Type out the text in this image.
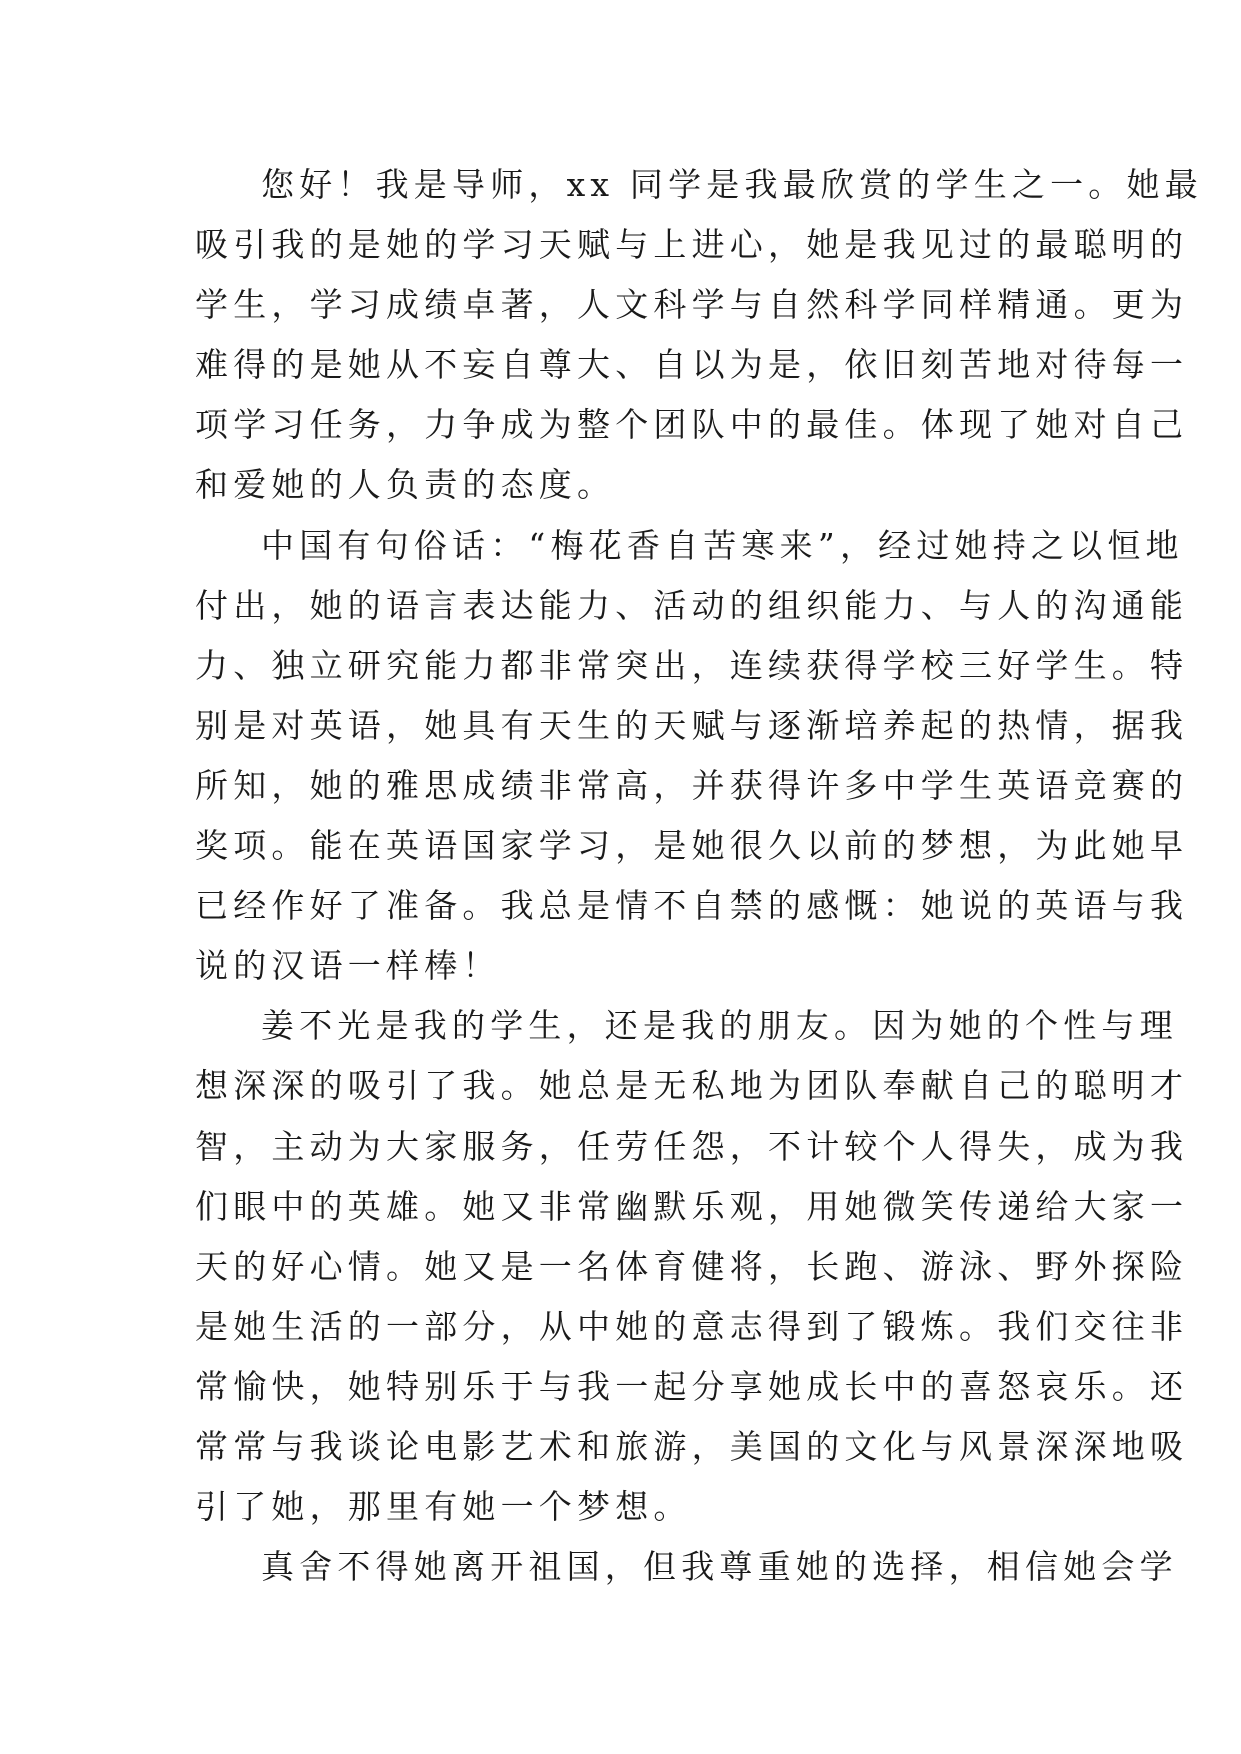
您好！我是导师，xx 同学是我最欣赏的学生之一。她最
吸引我的是她的学习天赋与上进心，她是我见过的最聪明的
学生，学习成绩卓著，人文科学与自然科学同样精通。更为
难得的是她从不妄自尊大、自以为是，依旧刻苦地对待每一
项学习任务，力争成为整个团队中的最佳。体现了她对自己
和爱她的人负责的态度。
中国有句俗话：“梅花香自苦寒来”，经过她持之以恒地
付出，她的语言表达能力、活动的组织能力、与人的沟通能
力、独立研究能力都非常突出，连续获得学校三好学生。特
别是对英语，她具有天生的天赋与逐渐培养起的热情，据我
所知，她的雅思成绩非常高，并获得许多中学生英语竞赛的
奖项。能在英语国家学习，是她很久以前的梦想，为此她早
已经作好了准备。我总是情不自禁的感慨：她说的英语与我
说的汉语一样棒！
姜不光是我的学生，还是我的朋友。因为她的个性与理
想深深的吸引了我。她总是无私地为团队奉献自己的聪明才
智，主动为大家服务，任劳任怨，不计较个人得失，成为我
们眼中的英雄。她又非常幽默乐观，用她微笑传递给大家一
天的好心情。她又是一名体育健将，长跑、游泳、野外探险
是她生活的一部分，从中她的意志得到了锻炼。我们交往非
常愉快，她特别乐于与我一起分享她成长中的喜怒哀乐。还
常常与我谈论电影艺术和旅游，美国的文化与风景深深地吸
引了她，那里有她一个梦想。
真舍不得她离开祖国，但我尊重她的选择，相信她会学
